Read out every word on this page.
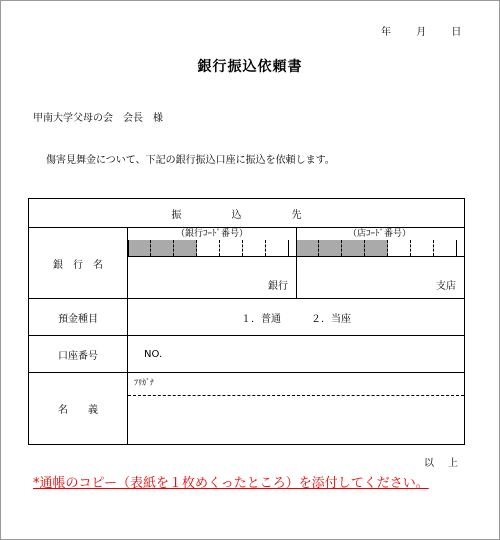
年	月	日
銀行振込依頼書
甲南大学父母の会　会長　様
傷害見舞金について、下記の銀行振込口座に振込を依頼します。
振　込　先	
銀　行　名	（銀行ｺｰﾄﾞ番号） （店ｺｰﾄﾞ番号）
銀行 支店

預金種目	１．普通　　　２．当座
口座番号	NO.
名　　義	ﾌﾘｶﾞﾅ
以上
*通帳のコピー（表紙を１枚めくったところ）を添付してください。
